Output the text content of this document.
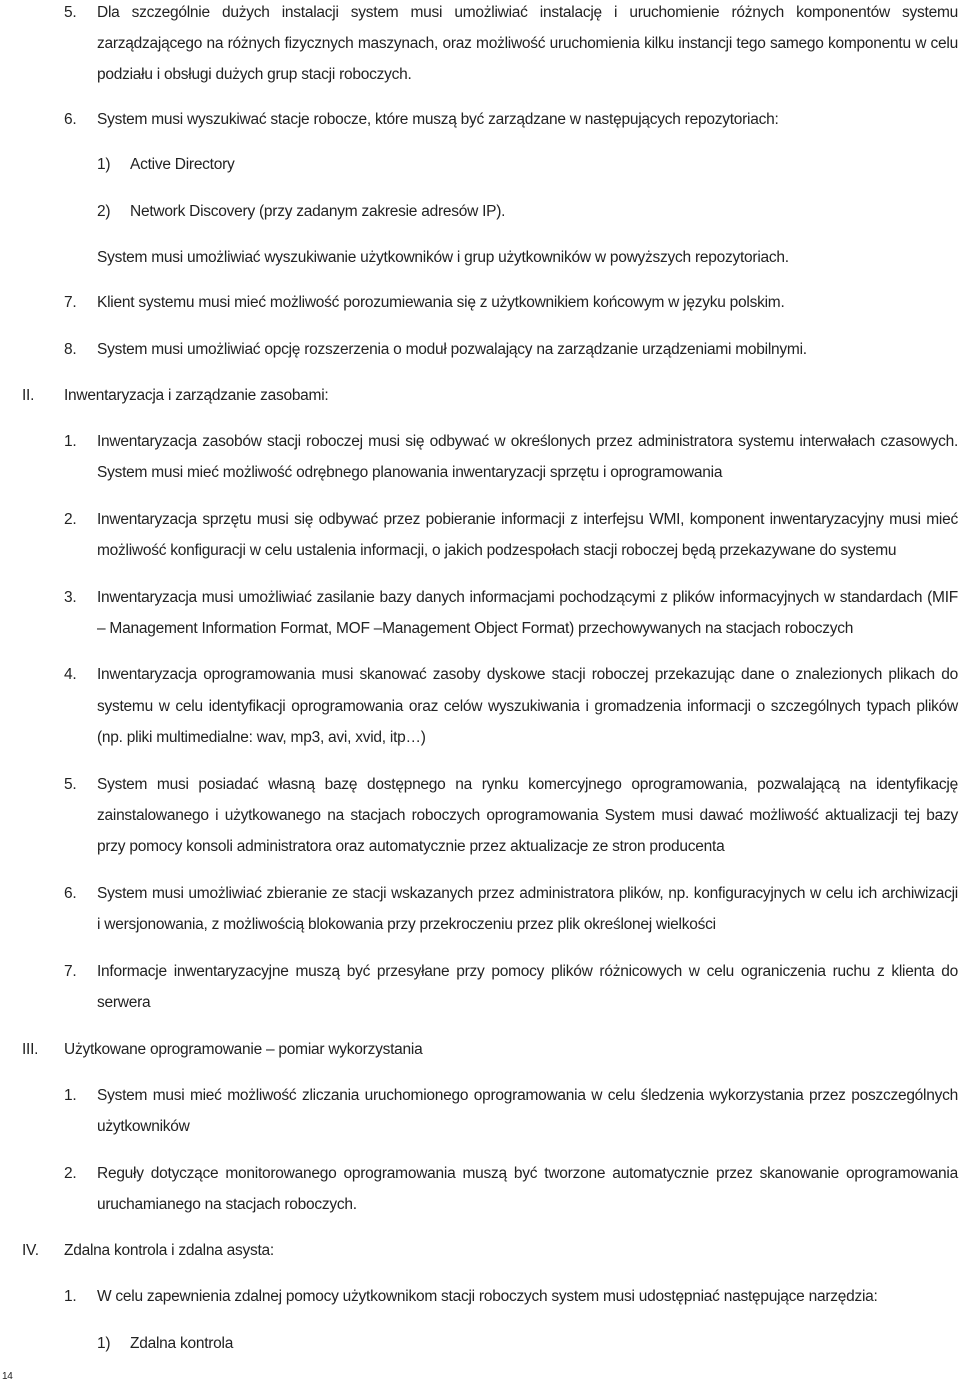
5. Dla szczególnie dużych instalacji system musi umożliwiać instalację i uruchomienie różnych komponentów systemu
zarządzającego na różnych fizycznych maszynach, oraz możliwość uruchomienia kilku instancji tego samego komponentu w celu
podziału i obsługi dużych grup stacji roboczych.
6. System musi wyszukiwać stacje robocze, które muszą być zarządzane w następujących repozytoriach:
1) Active Directory
2) Network Discovery (przy zadanym zakresie adresów IP).
System musi umożliwiać wyszukiwanie użytkowników i grup użytkowników w powyższych repozytoriach.
7. Klient systemu musi mieć możliwość porozumiewania się z użytkownikiem końcowym w języku polskim.
8. System musi umożliwiać opcję rozszerzenia o moduł pozwalający na zarządzanie urządzeniami mobilnymi.
II. Inwentaryzacja i zarządzanie zasobami:
1. Inwentaryzacja zasobów stacji roboczej musi się odbywać w określonych przez administratora systemu interwałach czasowych.
System musi mieć możliwość odrębnego planowania inwentaryzacji sprzętu i oprogramowania
2. Inwentaryzacja sprzętu musi się odbywać przez pobieranie informacji z interfejsu WMI, komponent inwentaryzacyjny musi mieć
możliwość konfiguracji w celu ustalenia informacji, o jakich podzespołach stacji roboczej będą przekazywane do systemu
3. Inwentaryzacja musi umożliwiać zasilanie bazy danych informacjami pochodzącymi z plików informacyjnych w standardach (MIF
– Management Information Format, MOF –Management Object Format) przechowywanych na stacjach roboczych
4. Inwentaryzacja oprogramowania musi skanować zasoby dyskowe stacji roboczej przekazując dane o znalezionych plikach do
systemu w celu identyfikacji oprogramowania oraz celów wyszukiwania i gromadzenia informacji o szczególnych typach plików
(np. pliki multimedialne: wav, mp3, avi, xvid, itp…)
5. System musi posiadać własną bazę dostępnego na rynku komercyjnego oprogramowania, pozwalającą na identyfikację
zainstalowanego i użytkowanego na stacjach roboczych oprogramowania System musi dawać możliwość aktualizacji tej bazy
przy pomocy konsoli administratora oraz automatycznie przez aktualizacje ze stron producenta
6. System musi umożliwiać zbieranie ze stacji wskazanych przez administratora plików, np. konfiguracyjnych w celu ich archiwizacji
i wersjonowania, z możliwością blokowania przy przekroczeniu przez plik określonej wielkości
7. Informacje inwentaryzacyjne muszą być przesyłane przy pomocy plików różnicowych w celu ograniczenia ruchu z klienta do
serwera
III. Użytkowane oprogramowanie – pomiar wykorzystania
1. System musi mieć możliwość zliczania uruchomionego oprogramowania w celu śledzenia wykorzystania przez poszczególnych
użytkowników
2. Reguły dotyczące monitorowanego oprogramowania muszą być tworzone automatycznie przez skanowanie oprogramowania
uruchamianego na stacjach roboczych.
IV. Zdalna kontrola i zdalna asysta:
1. W celu zapewnienia zdalnej pomocy użytkownikom stacji roboczych system musi udostępniać następujące narzędzia:
1) Zdalna kontrola
14
